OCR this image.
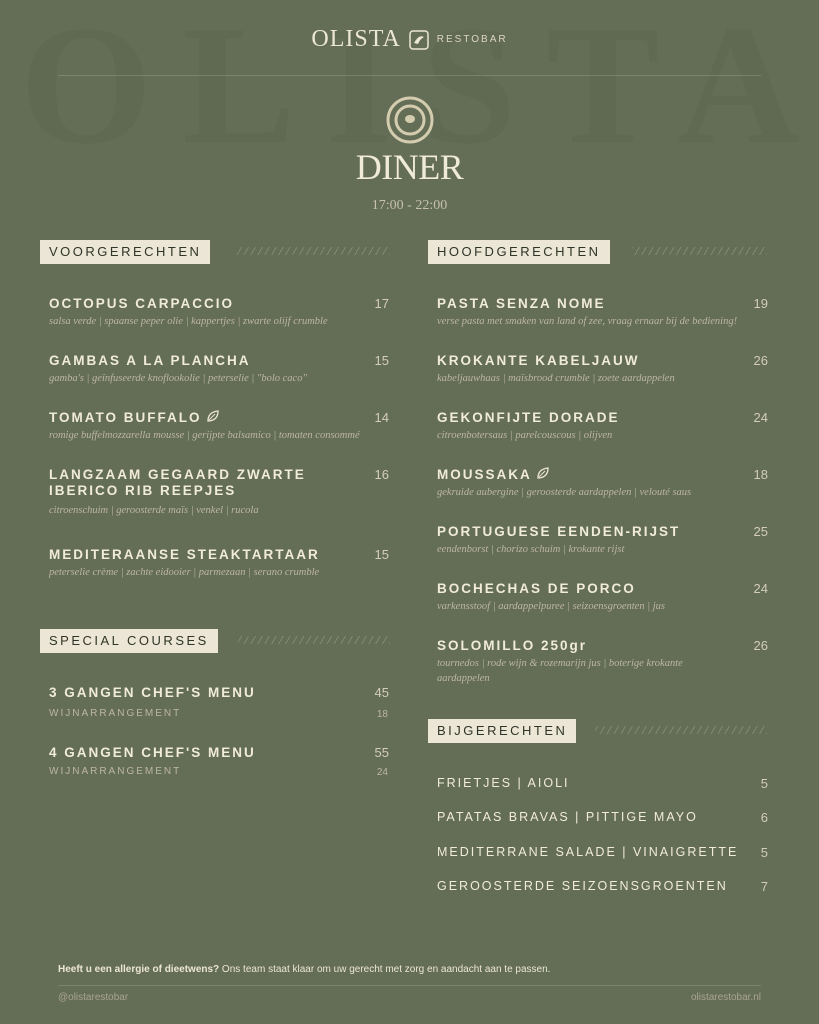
OLISTA	RESTOBAR
DINER
17:00 - 22:00
VOORGERECHTEN
OCTOPUS CARPACCIO
salsa verde | spaanse peper olie | kappertjes | zwarte olijf crumble
17
GAMBAS A LA PLANCHA
gamba's | geïnfuseerde knoflookolie | peterselie | "bolo caco"
15
TOMATO BUFFALO
romige buffelmozzarella mousse | gerijpte balsamico | tomaten consommé
14
LANGZAAM GEGAARD ZWARTE
IBERICO RIB REEPJES
citroenschuim | geroosterde maïs | venkel | rucola
16
MEDITERAANSE STEAKTARTAAR
peterselie crème | zachte eidooier | parmezaan | serano crumble
15
SPECIAL COURSES
3 GANGEN CHEF'S MENU	45
WIJNARRANGEMENT	18
4 GANGEN CHEF'S MENU	55
WIJNARRANGEMENT	24
HOOFDGERECHTEN
PASTA SENZA NOME
verse pasta met smaken van land of zee, vraag ernaar bij de bediening!
19
KROKANTE KABELJAUW
kabeljauwhaas | maïsbrood crumble | zoete aardappelen
26
GEKONFIJTE DORADE
citroenbotersaus | parelcouscous | olijven
24
MOUSSAKA
gekruide aubergine | geroosterde aardappelen | velouté saus
18
PORTUGUESE EENDEN-RIJST
eendenborst | chorizo schuim | krokante rijst
25
BOCHECHAS DE PORCO
varkensstoof | aardappelpuree | seizoensgroenten | jus
24
SOLOMILLO 250gr
tournedos | rode wijn & rozemarijn jus | boterige krokante
aardappelen
26
BIJGERECHTEN
FRIETJES | AIOLI	5
PATATAS BRAVAS | PITTIGE MAYO	6
MEDITERRANE SALADE | VINAIGRETTE	5
GEROOSTERDE SEIZOENSGROENTEN	7
Heeft u een allergie of dieetwens? Ons team staat klaar om uw gerecht met zorg en aandacht aan te passen.
@olistarestobar	olistarestobar.nl
